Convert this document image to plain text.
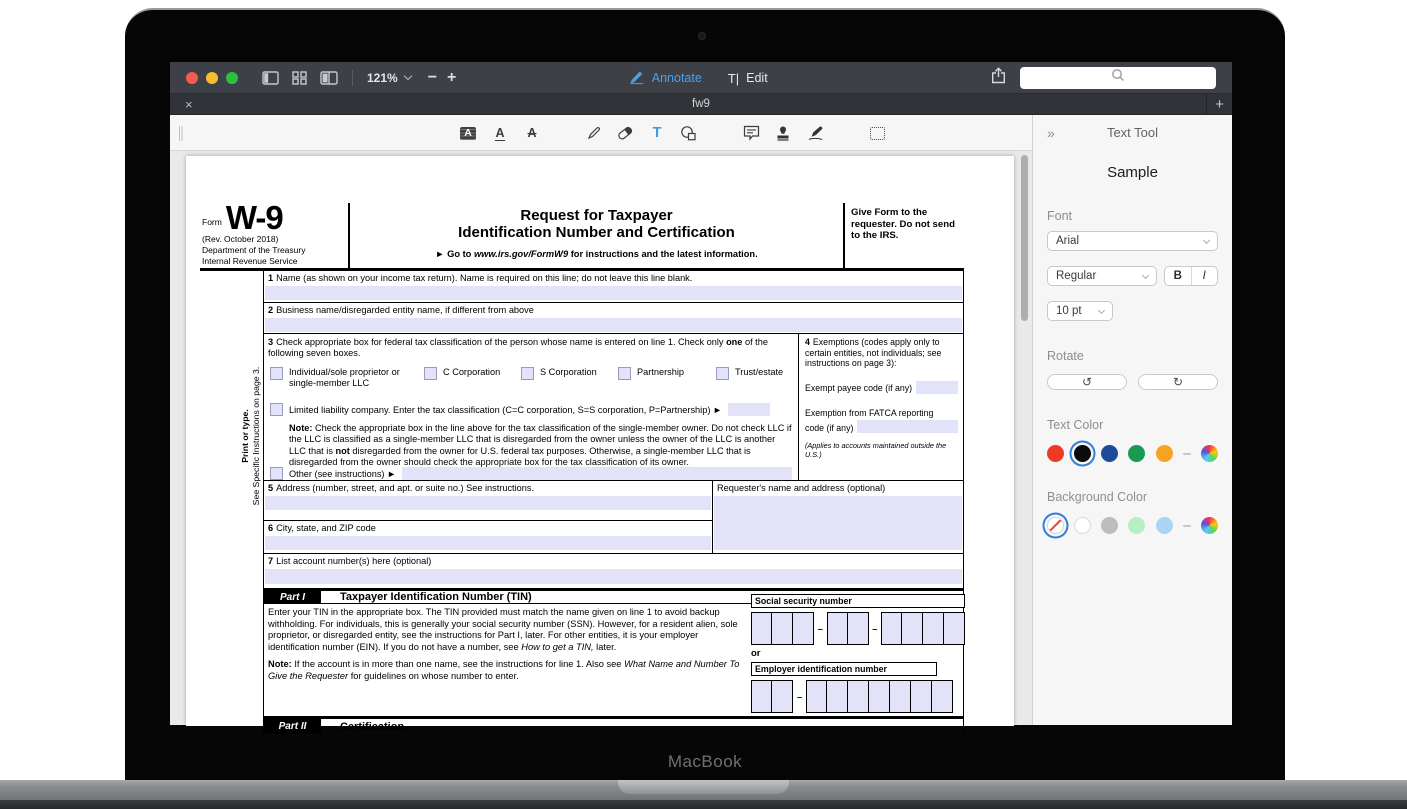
121%	− +	Annotate T| Edit
×	fw9	+
A	A A	T
Print or type. See Specific Instructions on page 3.
Form W-9
(Rev. October 2018)
Department of the Treasury
Internal Revenue Service
Request for Taxpayer
Identification Number and Certification
► Go to www.irs.gov/FormW9 for instructions and the latest information.
Give Form to the requester. Do not send to the IRS.
1 Name (as shown on your income tax return). Name is required on this line; do not leave this line blank.
2 Business name/disregarded entity name, if different from above
3 Check appropriate box for federal tax classification of the person whose name is entered on line 1. Check only one of the following seven boxes.
Individual/sole proprietor or single-member LLC
C Corporation	S Corporation	Partnership	Trust/estate
Limited liability company. Enter the tax classification (C=C corporation, S=S corporation, P=Partnership) ►
Note: Check the appropriate box in the line above for the tax classification of the single-member owner. Do not check LLC if the LLC is classified as a single-member LLC that is disregarded from the owner unless the owner of the LLC is another LLC that is not disregarded from the owner for U.S. federal tax purposes. Otherwise, a single-member LLC that is disregarded from the owner should check the appropriate box for the tax classification of its owner.
Other (see instructions) ►
4 Exemptions (codes apply only to certain entities, not individuals; see instructions on page 3):
Exempt payee code (if any)
Exemption from FATCA reporting
code (if any)
(Applies to accounts maintained outside the U.S.)
5 Address (number, street, and apt. or suite no.) See instructions.
6 City, state, and ZIP code
Requester's name and address (optional)
7 List account number(s) here (optional)
Part I	Taxpayer Identification Number (TIN)
Enter your TIN in the appropriate box. The TIN provided must match the name given on line 1 to avoid backup withholding. For individuals, this is generally your social security number (SSN). However, for a resident alien, sole proprietor, or disregarded entity, see the instructions for Part I, later. For other entities, it is your employer identification number (EIN). If you do not have a number, see How to get a TIN, later.
Note: If the account is in more than one name, see the instructions for line 1. Also see What Name and Number To Give the Requester for guidelines on whose number to enter.
Social security number
–	–
or
Employer identification number
–
Part II	Certification
»	Text Tool
Sample
Font
Arial
Regular	B	I
10 pt
Rotate
↺	↻
Text Color
Background Color
MacBook
